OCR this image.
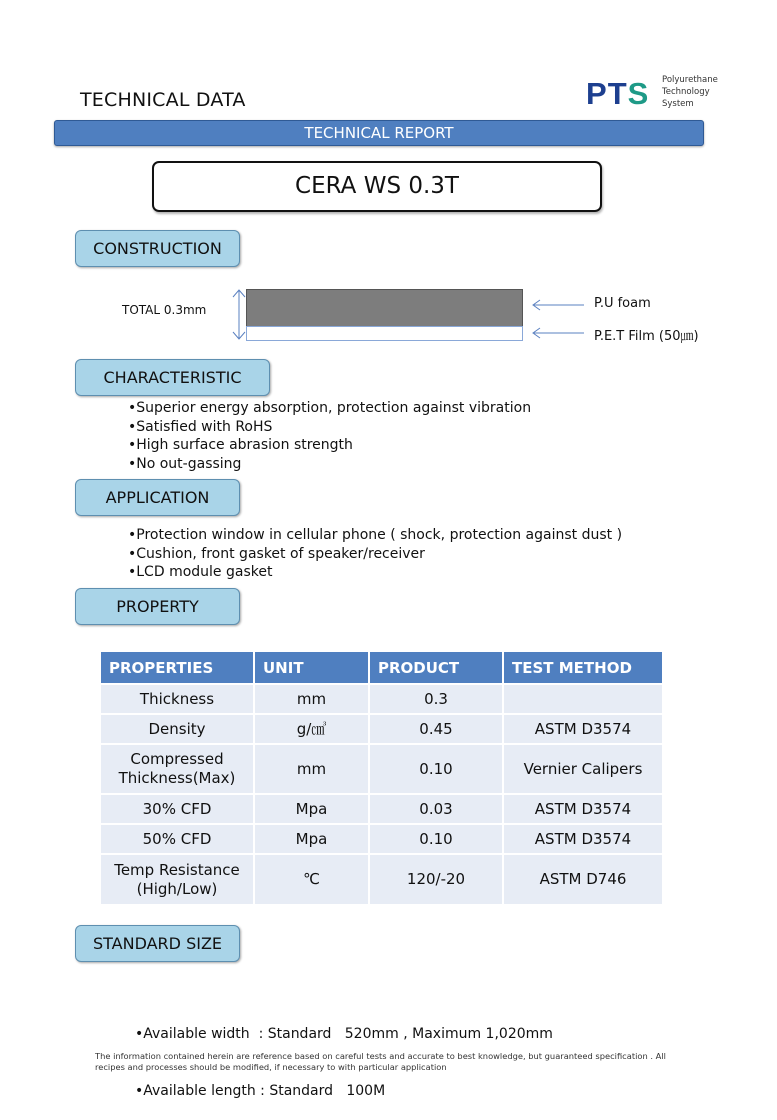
TECHNICAL DATA	PTS Polyurethane
Technology
System
TECHNICAL REPORT
CERA WS 0.3T
CONSTRUCTION
TOTAL 0.3mm	P.U foam
P.E.T Film (50㎛)
CHARACTERISTIC
•Superior energy absorption, protection against vibration
•Satisfied with RoHS
•High surface abrasion strength
•No out-gassing
APPLICATION
•Protection window in cellular phone ( shock, protection against dust )
•Cushion, front gasket of speaker/receiver
•LCD module gasket
PROPERTY
PROPERTIES	UNIT	PRODUCT	TEST METHOD
Thickness	mm	0.3	
Density	g/㎤	0.45	ASTM D3574
Compressed
Thickness(Max)	mm	0.10	Vernier Calipers
30% CFD	Mpa	0.03	ASTM D3574
50% CFD	Mpa	0.10	ASTM D3574
Temp Resistance
(High/Low)	℃	120/-20	ASTM D746
STANDARD SIZE

•Available width  : Standard   520mm , Maximum 1,020mm

•Available length : Standard   100M

The information contained herein are reference based on careful tests and accurate to best knowledge, but guaranteed specification . All recipes and processes should be modified, if necessary to with particular application
